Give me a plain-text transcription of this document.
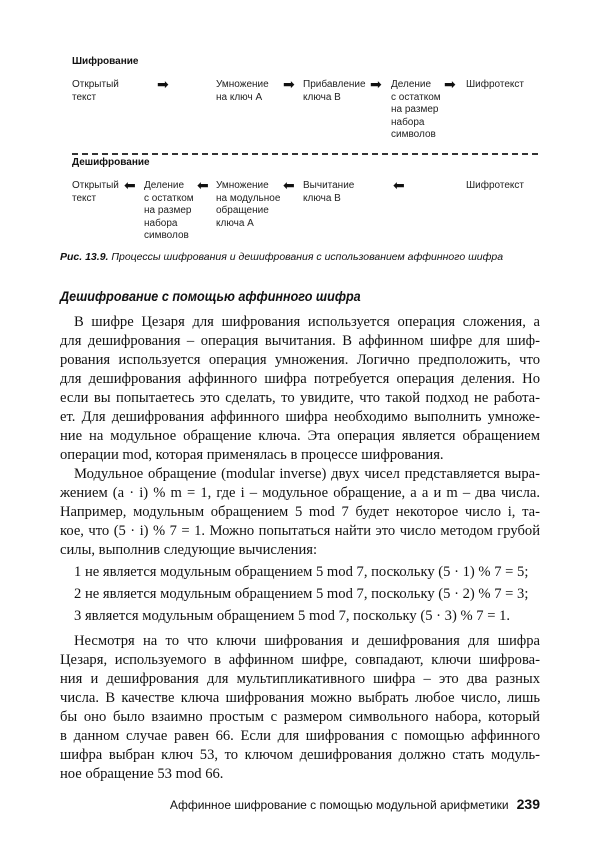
Шифрование
Дешифрование
Рис. 13.9. Процессы шифрования и дешифрования с использованием аффинного шифра
Дешифрование с помощью аффинного шифра
В шифре Цезаря для шифрования используется операция сложения, а
для дешифрования – операция вычитания. В аффинном шифре для шиф-
рования используется операция умножения. Логично предположить, что
для дешифрования аффинного шифра потребуется операция деления. Но
если вы попытаетесь это сделать, то увидите, что такой подход не работа-
ет. Для дешифрования аффинного шифра необходимо выполнить умноже-
ние на модульное обращение ключа. Эта операция является обращением
операции mod, которая применялась в процессе шифрования.
Модульное обращение (modular inverse) двух чисел представляется выра-
жением (a · i) % m = 1, где i – модульное обращение, a a и m – два числа.
Например, модульным обращением 5 mod 7 будет некоторое число i, та-
кое, что (5 · i) % 7 = 1. Можно попытаться найти это число методом грубой
силы, выполнив следующие вычисления:
1 не является модульным обращением 5 mod 7, поскольку (5 · 1) % 7 = 5;
2 не является модульным обращением 5 mod 7, поскольку (5 · 2) % 7 = 3;
3 является модульным обращением 5 mod 7, поскольку (5 · 3) % 7 = 1.
Несмотря на то что ключи шифрования и дешифрования для шифра
Цезаря, используемого в аффинном шифре, совпадают, ключи шифрова-
ния и дешифрования для мультипликативного шифра – это два разных
числа. В качестве ключа шифрования можно выбрать любое число, лишь
бы оно было взаимно простым с размером символьного набора, который
в данном случае равен 66. Если для шифрования с помощью аффинного
шифра выбран ключ 53, то ключом дешифрования должно стать модуль-
ное обращение 53 mod 66.
Аффинное шифрование с помощью модульной арифметики 239
Открытый
текст
Умножение
на ключ А
Прибавление
ключа В
Деление
с остатком
на размер
набора
символов
Шифротекст
➡	➡	➡	➡
Открытый
текст
Деление
с остатком
на размер
набора
символов
Умножение
на модульное
обращение
ключа А
Вычитание
ключа В
Шифротекст
⬅	⬅	⬅	⬅
